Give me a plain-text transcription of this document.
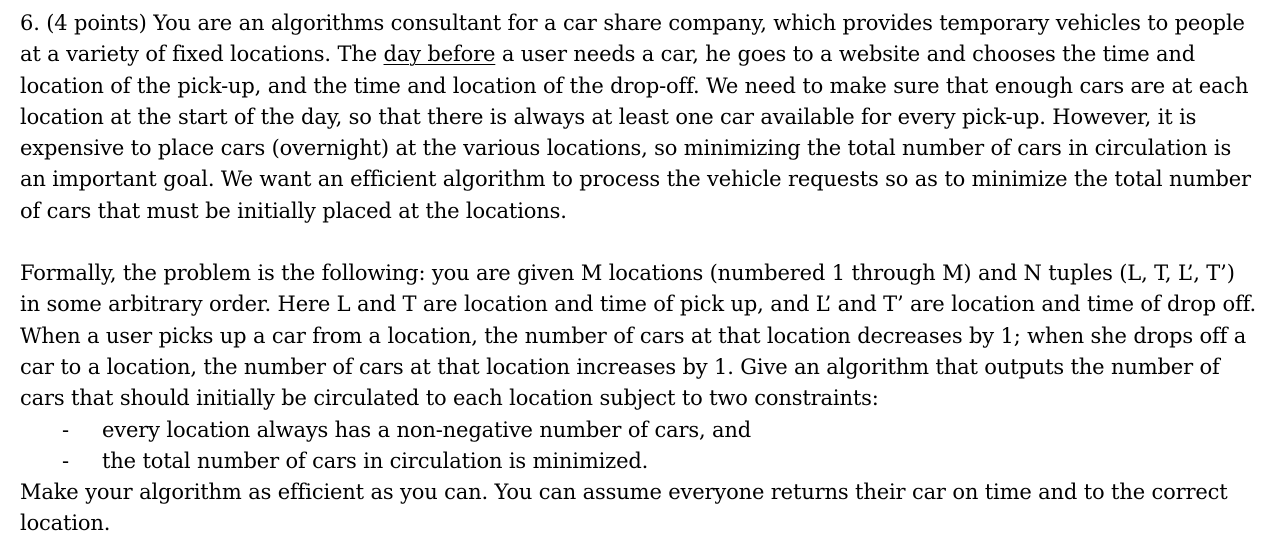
6. (4 points) You are an algorithms consultant for a car share company, which provides temporary vehicles to people at a variety of fixed locations. The day before a user needs a car, he goes to a website and chooses the time and location of the pick-up, and the time and location of the drop-off. We need to make sure that enough cars are at each location at the start of the day, so that there is always at least one car available for every pick-up. However, it is expensive to place cars (overnight) at the various locations, so minimizing the total number of cars in circulation is an important goal. We want an efficient algorithm to process the vehicle requests so as to minimize the total number of cars that must be initially placed at the locations.

Formally, the problem is the following: you are given M locations (numbered 1 through M) and N tuples (L, T, L’, T’) in some arbitrary order. Here L and T are location and time of pick up, and L’ and T’ are location and time of drop off. When a user picks up a car from a location, the number of cars at that location decreases by 1; when she drops off a car to a location, the number of cars at that location increases by 1. Give an algorithm that outputs the number of cars that should initially be circulated to each location subject to two constraints:

- every location always has a non-negative number of cars, and
- the total number of cars in circulation is minimized.

Make your algorithm as efficient as you can. You can assume everyone returns their car on time and to the correct location.
